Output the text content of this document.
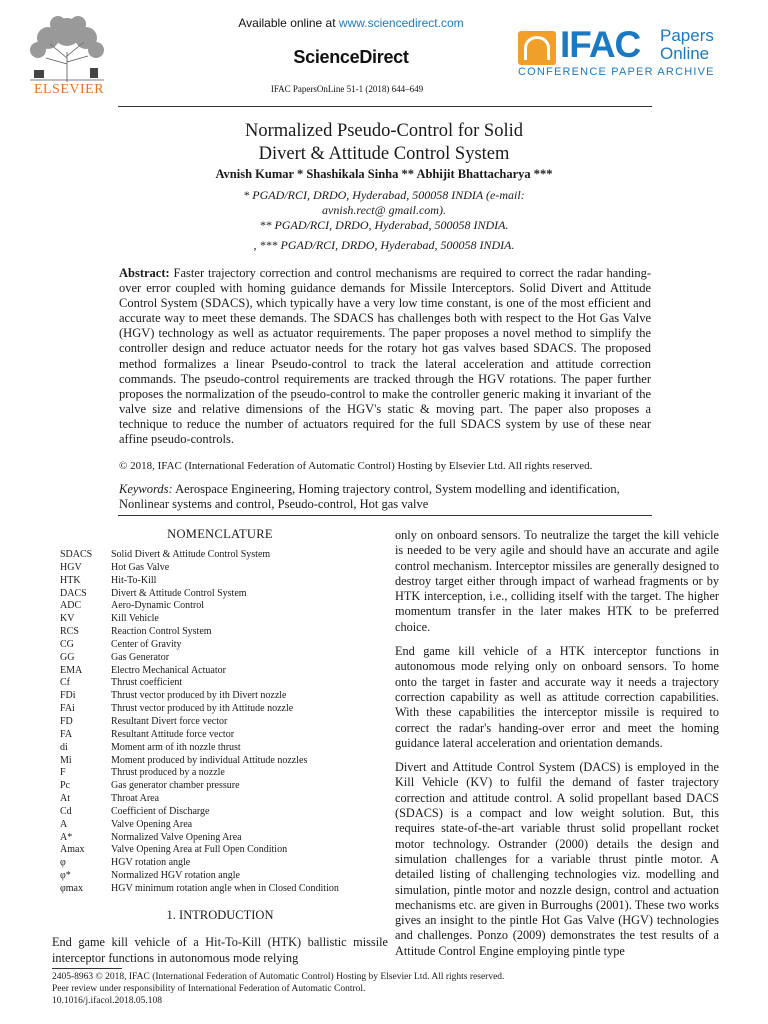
ELSEVIER
Available online at www.sciencedirect.com
ScienceDirect
IFAC PapersOnLine 51-1 (2018) 644–649
IFAC Papers
Online
CONFERENCE PAPER ARCHIVE
Normalized Pseudo-Control for Solid
Divert & Attitude Control System
Avnish Kumar * Shashikala Sinha ** Abhijit Bhattacharya ***
* PGAD/RCI, DRDO, Hyderabad, 500058 INDIA (e-mail:
avnish.rect@ gmail.com).
** PGAD/RCI, DRDO, Hyderabad, 500058 INDIA.
, *** PGAD/RCI, DRDO, Hyderabad, 500058 INDIA.
Abstract: Faster trajectory correction and control mechanisms are required to correct the radar handing-over error coupled with homing guidance demands for Missile Interceptors. Solid Divert and Attitude Control System (SDACS), which typically have a very low time constant, is one of the most efficient and accurate way to meet these demands. The SDACS has challenges both with respect to the Hot Gas Valve (HGV) technology as well as actuator requirements. The paper proposes a novel method to simplify the controller design and reduce actuator needs for the rotary hot gas valves based SDACS. The proposed method formalizes a linear Pseudo-control to track the lateral acceleration and attitude correction commands. The pseudo-control requirements are tracked through the HGV rotations. The paper further proposes the normalization of the pseudo-control to make the controller generic making it invariant of the valve size and relative dimensions of the HGV's static & moving part. The paper also proposes a technique to reduce the number of actuators required for the full SDACS system by use of these near affine pseudo-controls.
© 2018, IFAC (International Federation of Automatic Control) Hosting by Elsevier Ltd. All rights reserved.
Keywords: Aerospace Engineering, Homing trajectory control, System modelling and identification, Nonlinear systems and control, Pseudo-control, Hot gas valve
NOMENCLATURE
SDACS	Solid Divert & Attitude Control System
HGV	Hot Gas Valve
HTK	Hit-To-Kill
DACS	Divert & Attitude Control System
ADC	Aero-Dynamic Control
KV	Kill Vehicle
RCS	Reaction Control System
CG	Center of Gravity
GG	Gas Generator
EMA	Electro Mechanical Actuator
Cf	Thrust coefficient
FDi	Thrust vector produced by ith Divert nozzle
FAi	Thrust vector produced by ith Attitude nozzle
FD	Resultant Divert force vector
FA	Resultant Attitude force vector
di	Moment arm of ith nozzle thrust
Mi	Moment produced by individual Attitude nozzles
F	Thrust produced by a nozzle
Pc	Gas generator chamber pressure
At	Throat Area
Cd	Coefficient of Discharge
A	Valve Opening Area
A*	Normalized Valve Opening Area
Amax	Valve Opening Area at Full Open Condition
φ	HGV rotation angle
φ*	Normalized HGV rotation angle
φmax	HGV minimum rotation angle when in Closed Condition
1. INTRODUCTION
End game kill vehicle of a Hit-To-Kill (HTK) ballistic missile interceptor functions in autonomous mode relying

only on onboard sensors. To neutralize the target the kill vehicle is needed to be very agile and should have an accurate and agile control mechanism. Interceptor missiles are generally designed to destroy target either through impact of warhead fragments or by HTK interception, i.e., colliding itself with the target. The higher momentum transfer in the later makes HTK to be preferred choice.

End game kill vehicle of a HTK interceptor functions in autonomous mode relying only on onboard sensors. To home onto the target in faster and accurate way it needs a trajectory correction capability as well as attitude correction capabilities. With these capabilities the interceptor missile is required to correct the radar's handing-over error and meet the homing guidance lateral acceleration and orientation demands.

Divert and Attitude Control System (DACS) is employed in the Kill Vehicle (KV) to fulfil the demand of faster trajectory correction and attitude control. A solid propellant based DACS (SDACS) is a compact and low weight solution. But, this requires state-of-the-art variable thrust solid propellant rocket motor technology. Ostrander (2000) details the design and simulation challenges for a variable thrust pintle motor. A detailed listing of challenging technologies viz. modelling and simulation, pintle motor and nozzle design, control and actuation mechanisms etc. are given in Burroughs (2001). These two works gives an insight to the pintle Hot Gas Valve (HGV) technologies and challenges. Ponzo (2009) demonstrates the test results of a Attitude Control Engine employing pintle type

2405-8963 © 2018, IFAC (International Federation of Automatic Control) Hosting by Elsevier Ltd. All rights reserved.
Peer review under responsibility of International Federation of Automatic Control.
10.1016/j.ifacol.2018.05.108
